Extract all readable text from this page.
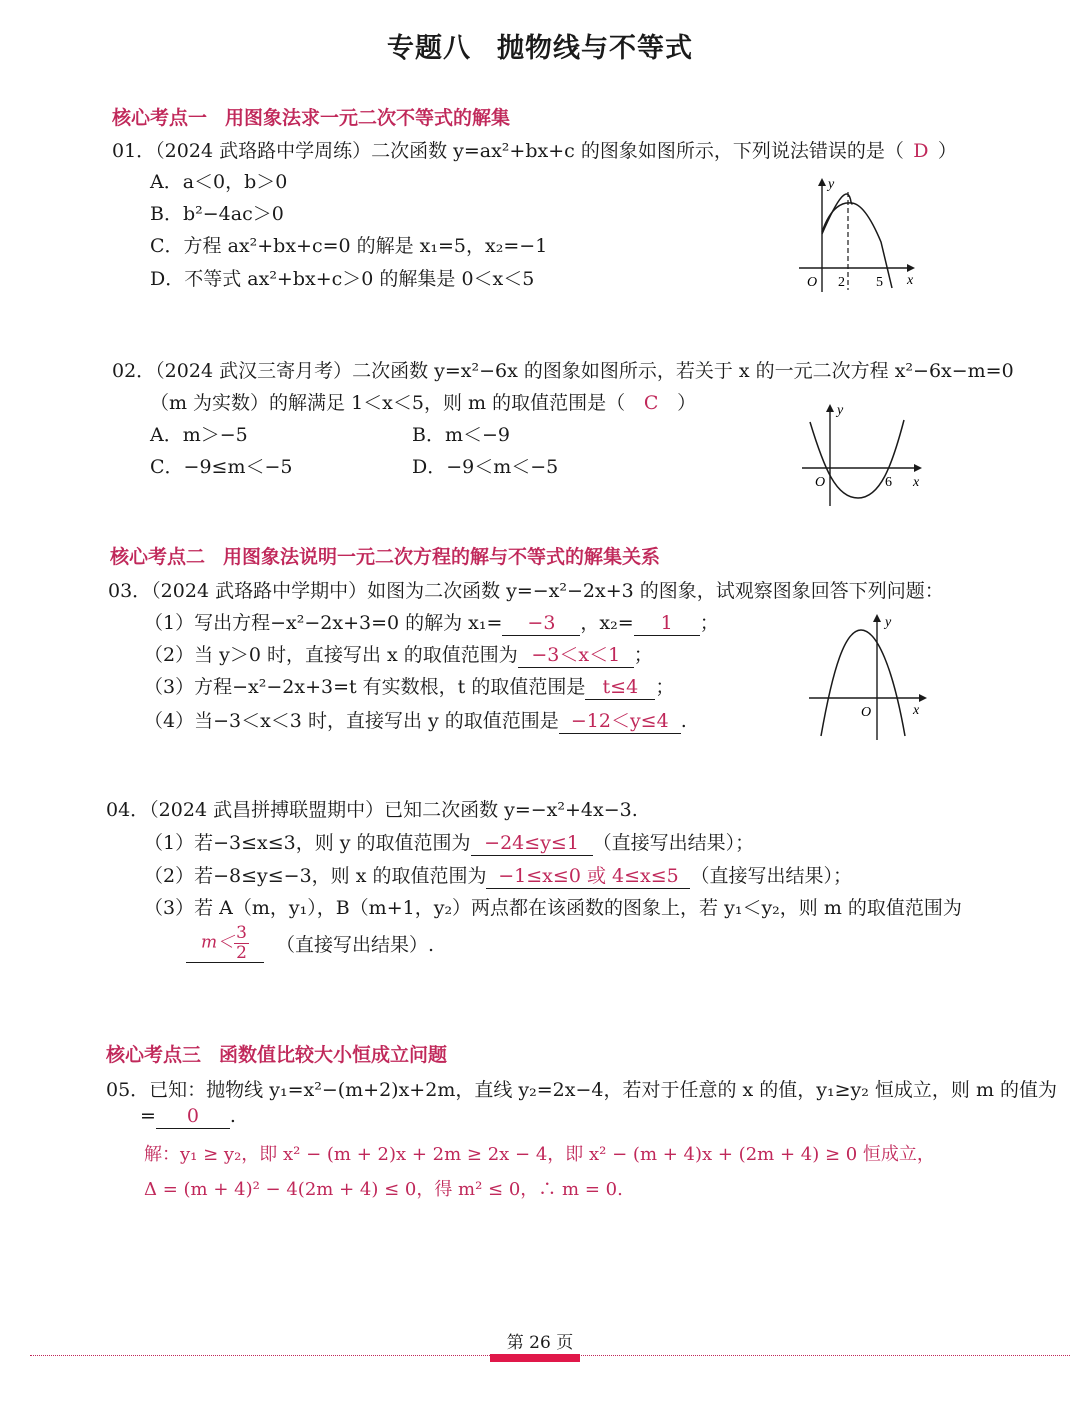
专题八 抛物线与不等式
核心考点一 用图象法求一元二次不等式的解集
01．（2024 武珞路中学周练）二次函数 y=ax²+bx+c 的图象如图所示，下列说法错误的是（ D ）
A．a＜0，b＞0
B．b²−4ac＞0
C．方程 ax²+bx+c=0 的解是 x₁=5，x₂=−1
D．不等式 ax²+bx+c＞0 的解集是 0＜x＜5
y
x
O 2 5
02．（2024 武汉三寄月考）二次函数 y=x²−6x 的图象如图所示，若关于 x 的一元二次方程 x²−6x−m=0
（m 为实数）的解满足 1＜x＜5，则 m 的取值范围是（ C ）
A．m＞−5	B．m＜−9
C．−9≤m＜−5	D．−9＜m＜−5
y
x
O	6
核心考点二 用图象法说明一元二次方程的解与不等式的解集关系
03．（2024 武珞路中学期中）如图为二次函数 y=−x²−2x+3 的图象，试观察图象回答下列问题：
（1）写出方程−x²−2x+3=0 的解为 x₁= −3 ，x₂= 1 ；
（2）当 y＞0 时，直接写出 x 的取值范围为 −3＜x＜1 ；
（3）方程−x²−2x+3=t 有实数根，t 的取值范围是 t≤4 ；
（4）当−3＜x＜3 时，直接写出 y 的取值范围是 −12＜y≤4 .
y
x
O
04．（2024 武昌拼搏联盟期中）已知二次函数 y=−x²+4x−3.
（1）若−3≤x≤3，则 y 的取值范围为 −24≤y≤1 （直接写出结果）；
（2）若−8≤y≤−3，则 x 的取值范围为 −1≤x≤0 或 4≤x≤5 （直接写出结果）；
（3）若 A（m，y₁），B（m+1，y₂）两点都在该函数的图象上，若 y₁＜y₂，则 m 的取值范围为
$m< \frac{3}{2}$ （直接写出结果）.
核心考点三 函数值比较大小恒成立问题
05．已知：抛物线 y₁=x²−(m+2)x+2m，直线 y₂=2x−4，若对于任意的 x 的值，y₁≥y₂ 恒成立，则 m 的值为
= 0 .
解：y₁ ≥ y₂，即 x² − (m + 2)x + 2m ≥ 2x − 4，即 x² − (m + 4)x + (2m + 4) ≥ 0 恒成立，
Δ = (m + 4)² − 4(2m + 4) ≤ 0，得 m² ≤ 0，∴ m = 0.
第 26 页
